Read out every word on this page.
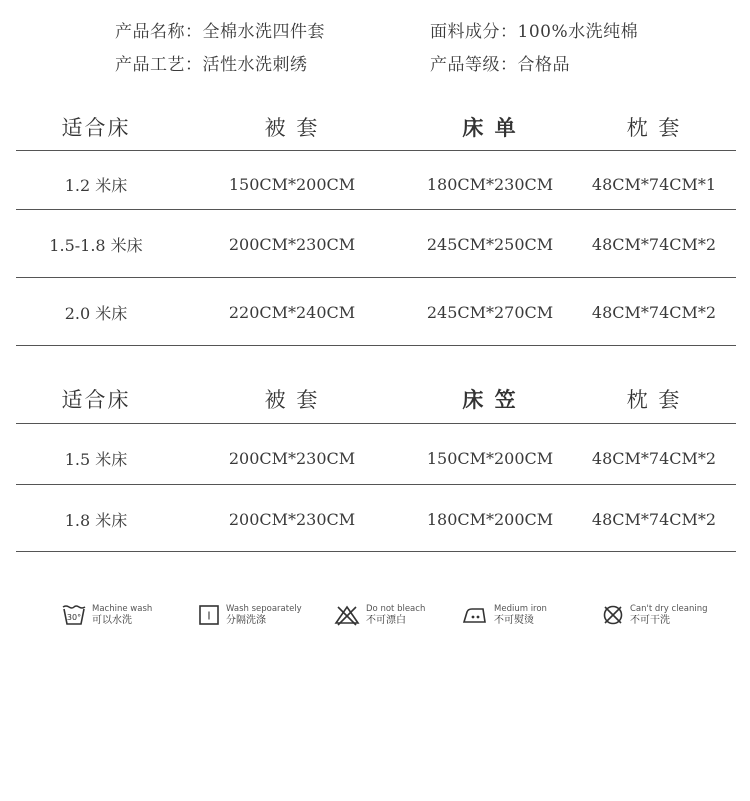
产品名称：全棉水洗四件套	面料成分：100%水洗纯棉
产品工艺：活性水洗刺绣	产品等级：合格品
适合床	被 套	床 单	枕 套
1.2 米床	150CM*200CM	180CM*230CM	48CM*74CM*1
1.5-1.8 米床	200CM*230CM	245CM*250CM	48CM*74CM*2
2.0 米床	220CM*240CM	245CM*270CM	48CM*74CM*2
适合床	被 套	床 笠	枕 套
1.5 米床	200CM*230CM	150CM*200CM	48CM*74CM*2
1.8 米床	200CM*230CM	180CM*200CM	48CM*74CM*2
30°
Machine wash
可以水洗	I
Wash sepoarately
分隔洗涤
Do not bleach
不可漂白
Medium iron
不可熨烫
Can't dry cleaning
不可干洗
